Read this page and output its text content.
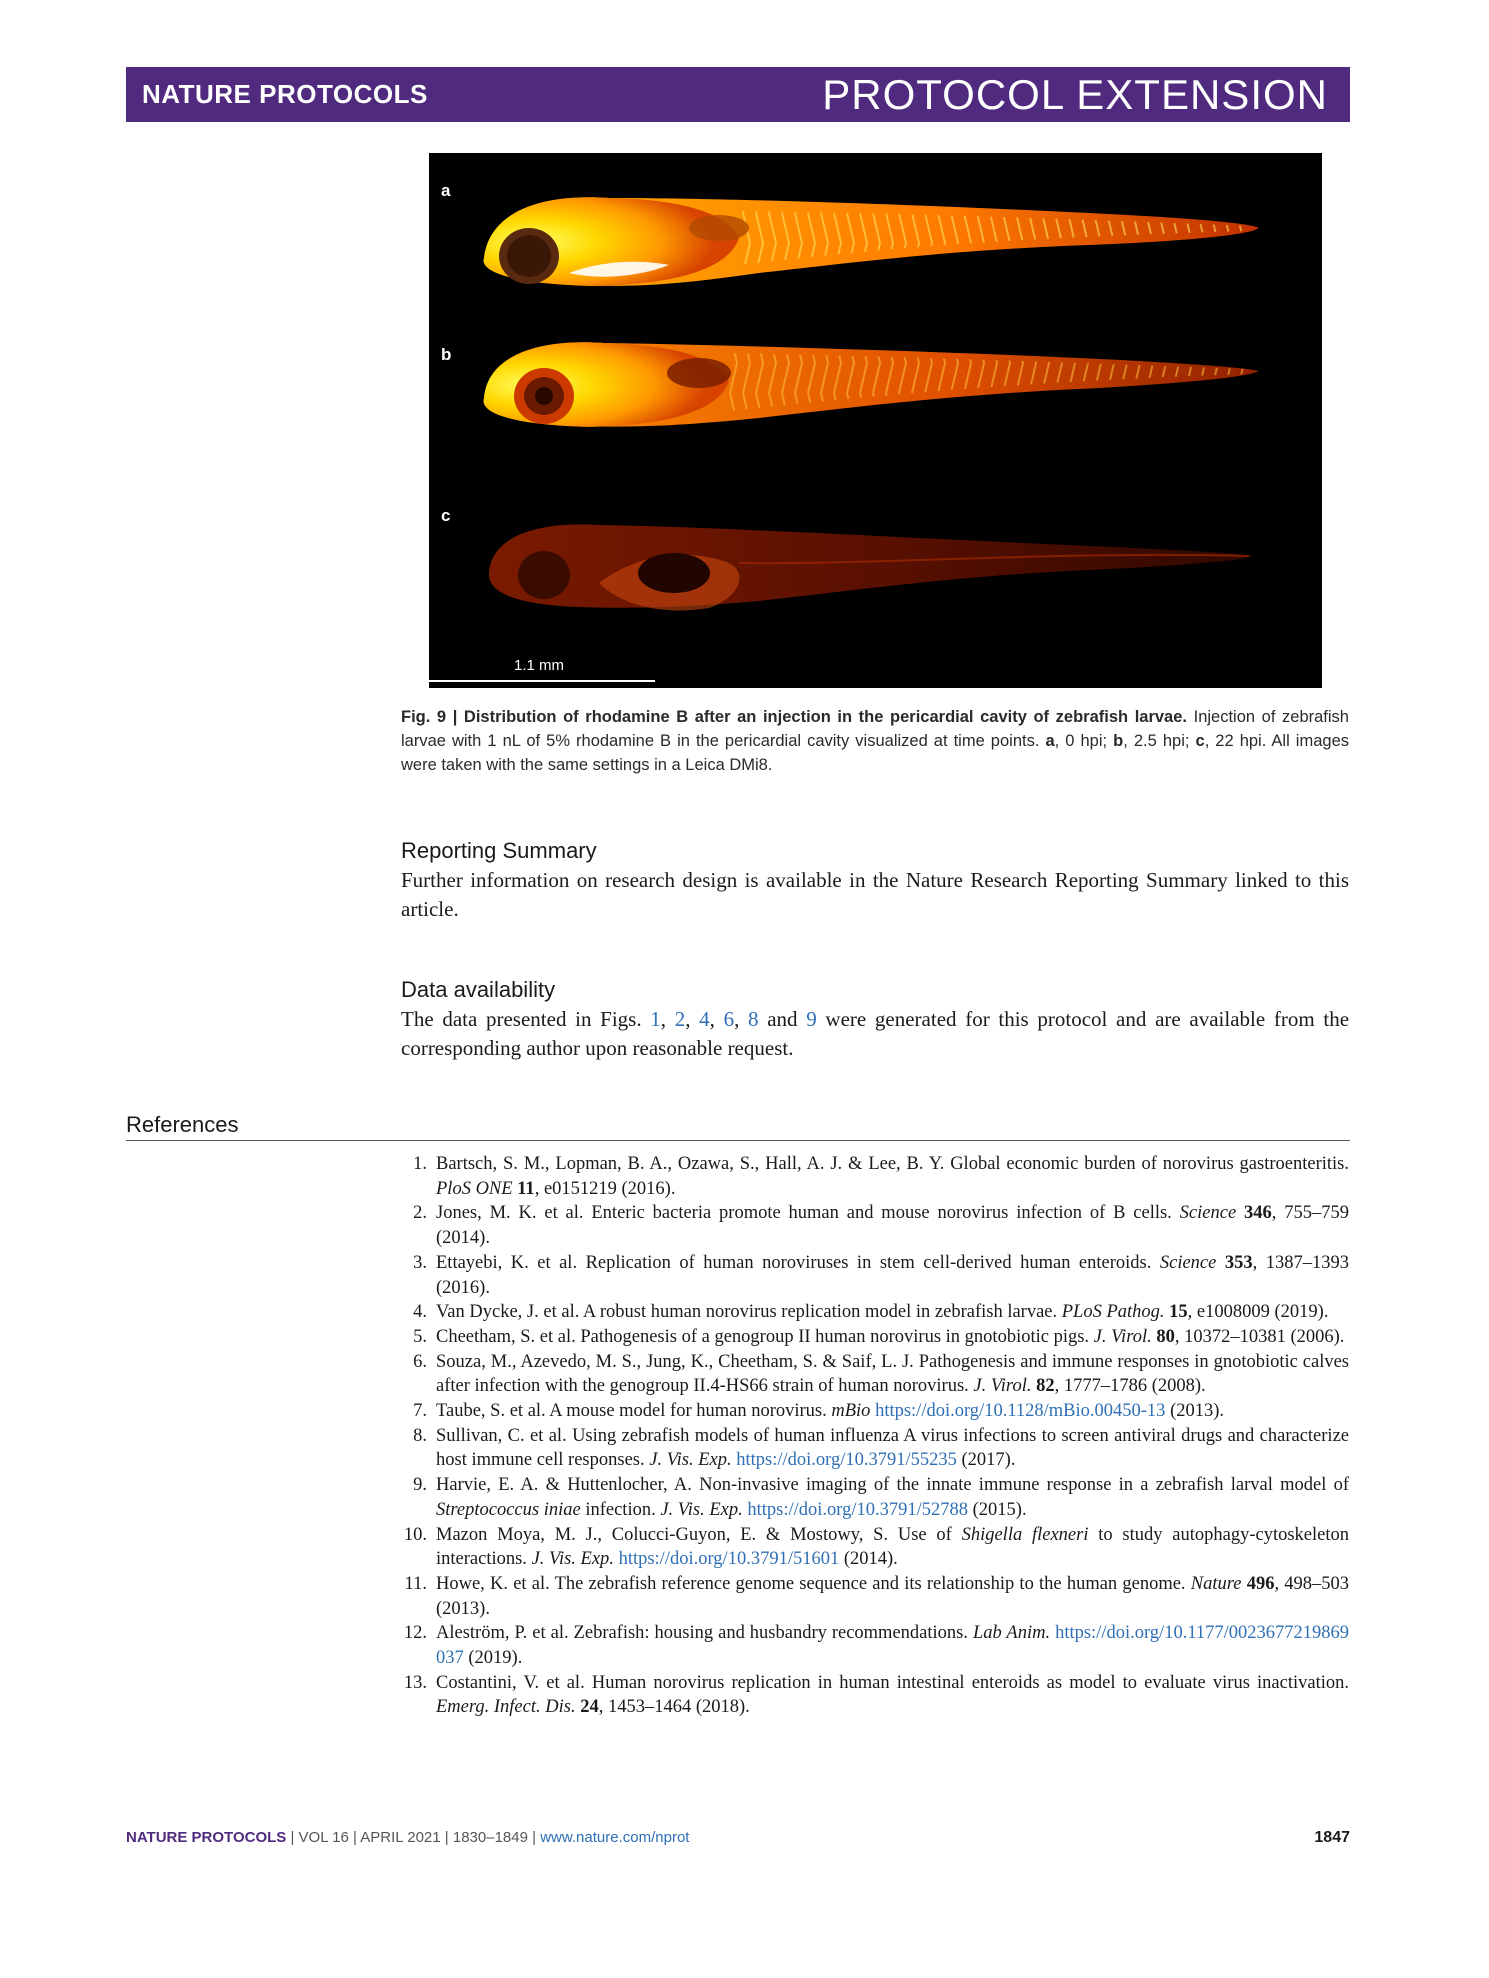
NATURE PROTOCOLS	PROTOCOL EXTENSION
a
b
c
1.1 mm
Fig. 9 | Distribution of rhodamine B after an injection in the pericardial cavity of zebrafish larvae. Injection of zebrafish larvae with 1 nL of 5% rhodamine B in the pericardial cavity visualized at time points. a, 0 hpi; b, 2.5 hpi; c, 22 hpi. All images were taken with the same settings in a Leica DMi8.
Reporting Summary
Further information on research design is available in the Nature Research Reporting Summary linked to this article.
Data availability
The data presented in Figs. 1, 2, 4, 6, 8 and 9 were generated for this protocol and are available from the corresponding author upon reasonable request.
References
1. Bartsch, S. M., Lopman, B. A., Ozawa, S., Hall, A. J. & Lee, B. Y. Global economic burden of norovirus gastroenteritis. PloS ONE 11, e0151219 (2016).
2. Jones, M. K. et al. Enteric bacteria promote human and mouse norovirus infection of B cells. Science 346, 755–759 (2014).
3. Ettayebi, K. et al. Replication of human noroviruses in stem cell-derived human enteroids. Science 353, 1387–1393 (2016).
4. Van Dycke, J. et al. A robust human norovirus replication model in zebrafish larvae. PLoS Pathog. 15, e1008009 (2019).
5. Cheetham, S. et al. Pathogenesis of a genogroup II human norovirus in gnotobiotic pigs. J. Virol. 80, 10372–10381 (2006).
6. Souza, M., Azevedo, M. S., Jung, K., Cheetham, S. & Saif, L. J. Pathogenesis and immune responses in gnotobiotic calves after infection with the genogroup II.4-HS66 strain of human norovirus. J. Virol. 82, 1777–1786 (2008).
7. Taube, S. et al. A mouse model for human norovirus. mBio https://doi.org/10.1128/mBio.00450-13 (2013).
8. Sullivan, C. et al. Using zebrafish models of human influenza A virus infections to screen antiviral drugs and characterize host immune cell responses. J. Vis. Exp. https://doi.org/10.3791/55235 (2017).
9. Harvie, E. A. & Huttenlocher, A. Non-invasive imaging of the innate immune response in a zebrafish larval model of Streptococcus iniae infection. J. Vis. Exp. https://doi.org/10.3791/52788 (2015).
10. Mazon Moya, M. J., Colucci-Guyon, E. & Mostowy, S. Use of Shigella flexneri to study autophagy-cytoskeleton interactions. J. Vis. Exp. https://doi.org/10.3791/51601 (2014).
11. Howe, K. et al. The zebrafish reference genome sequence and its relationship to the human genome. Nature 496, 498–503 (2013).
12. Aleström, P. et al. Zebrafish: housing and husbandry recommendations. Lab Anim. https://doi.org/10.1177/0023677219869037 (2019).
13. Costantini, V. et al. Human norovirus replication in human intestinal enteroids as model to evaluate virus inactivation. Emerg. Infect. Dis. 24, 1453–1464 (2018).
NATURE PROTOCOLS | VOL 16 | APRIL 2021 | 1830–1849 | www.nature.com/nprot	1847
